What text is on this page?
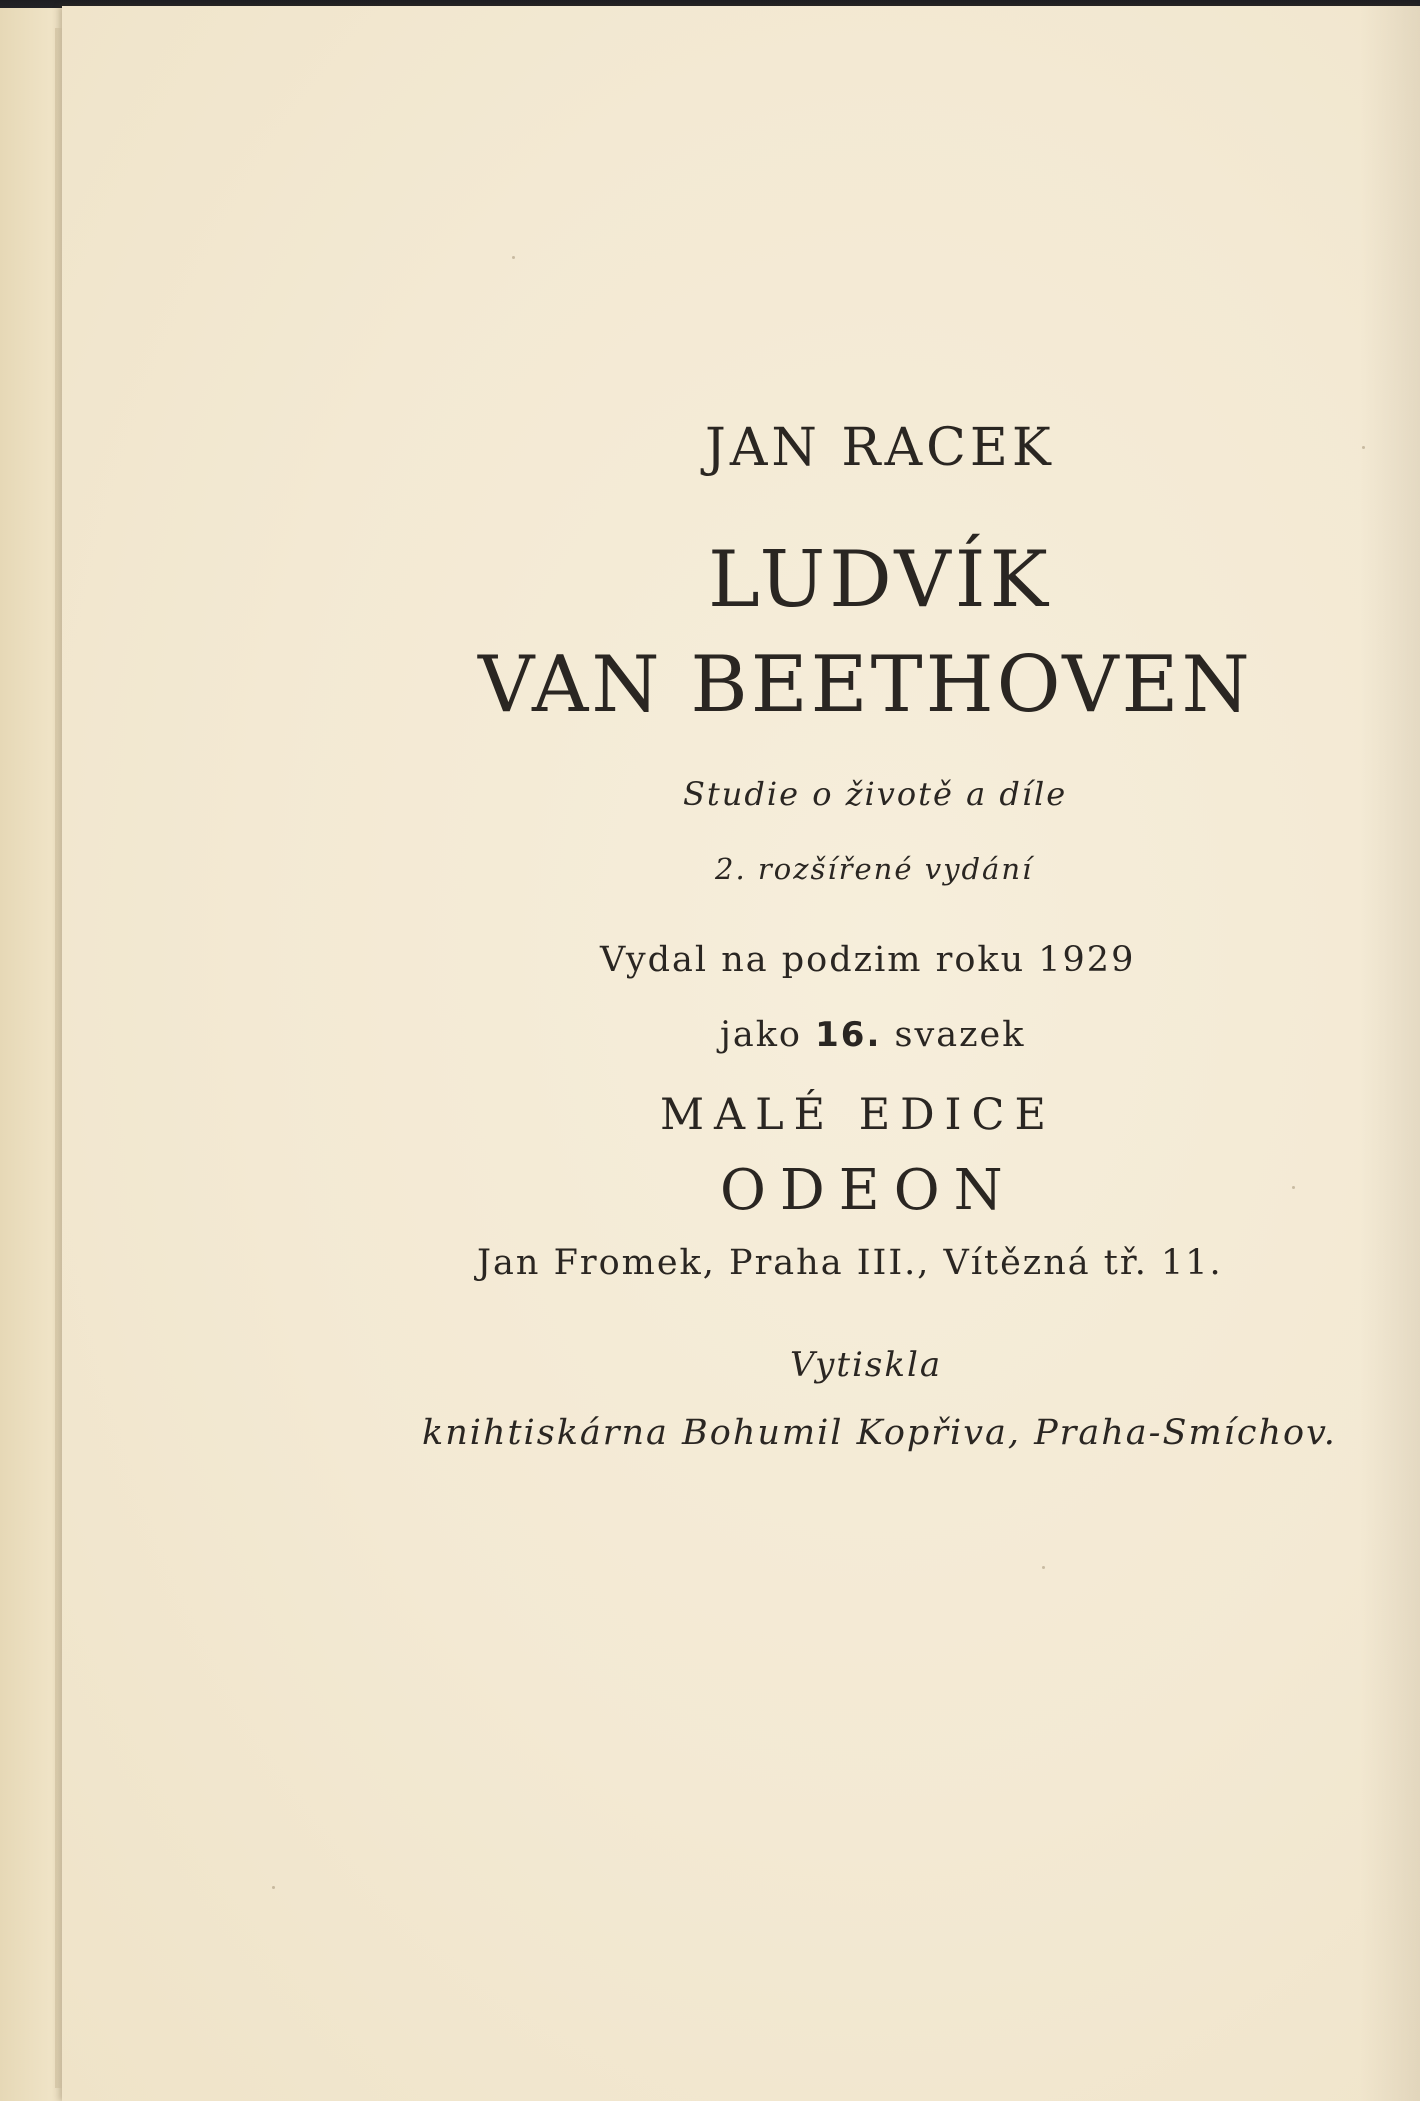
JAN RACEK

LUDVÍK

VAN BEETHOVEN

Studie o životě a díle

2. rozšířené vydání

Vydal na podzim roku 1929

jako 16. svazek

MALÉ EDICE

ODEON

Jan Fromek, Praha III., Vítězná tř. 11.

Vytiskla

knihtiskárna Bohumil Kopřiva, Praha-Smíchov.
